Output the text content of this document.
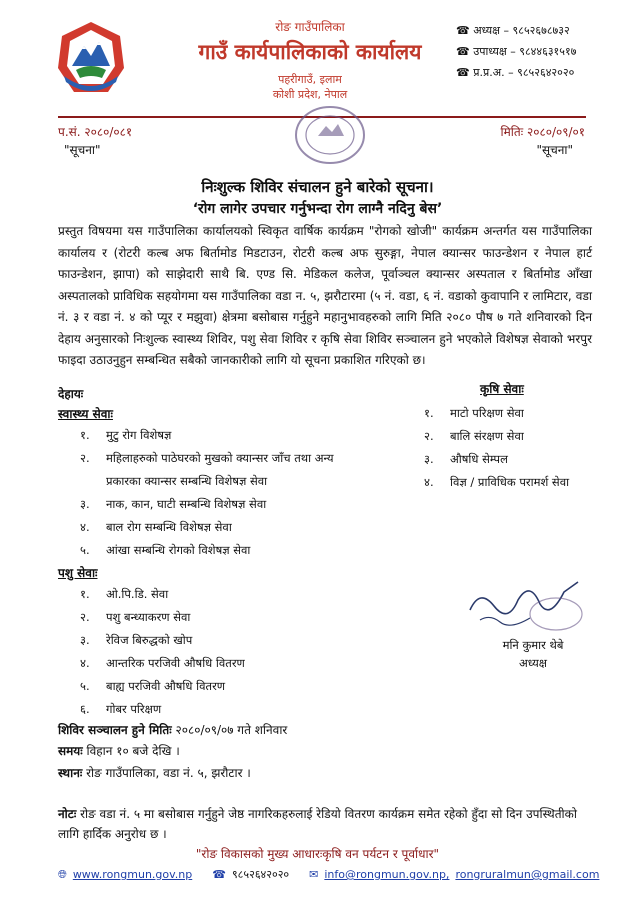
रोङ गाउँपालिका
गाउँ कार्यपालिकाको कार्यालय
पहरीगाउँ, इलाम
कोशी प्रदेश, नेपाल
☎︎ अध्यक्ष – ९८५२६७८७३२
☎︎ उपाध्यक्ष – ९८४४६३१५१७
☎︎ प्र.प्र.अ. – ९८५२६४२०२०
प.सं. २०८०/०८१	मितिः २०८०/०९/०१
"सूचना"	"सूचना"
निःशुल्क शिविर संचालन हुने बारेको सूचना।
‘रोग लागेर उपचार गर्नुभन्दा रोग लाग्नै नदिनु बेस’
प्रस्तुत विषयमा यस गाउँपालिका कार्यालयको स्विकृत वार्षिक कार्यक्रम "रोगको खोजी" कार्यक्रम अन्तर्गत यस गाउँपालिका कार्यालय र (रोटरी कल्ब अफ बिर्तामोड मिडटाउन, रोटरी कल्ब अफ सुरुङ्गा, नेपाल क्यान्सर फाउन्डेशन र नेपाल हार्ट फाउन्डेशन, झापा) को साझेदारी साथै बि. एण्ड सि. मेडिकल कलेज, पूर्वाञ्चल क्यान्सर अस्पताल र बिर्तामोड आँखा अस्पतालको प्राविधिक सहयोगमा यस गाउँपालिका वडा न. ५, झरौटारमा (५ नं. वडा, ६ नं. वडाको कुवापानि र लामिटार, वडा नं. ३ र वडा नं. ४ को प्यूर र मझुवा) क्षेत्रमा बसोबास गर्नुहुने महानुभावहरुको लागि मिति २०८० पौष ७ गते शनिवारको दिन देहाय अनुसारको निःशुल्क स्वास्थ्य शिविर, पशु सेवा शिविर र कृषि सेवा शिविर सञ्चालन हुने भएकोले विशेषज्ञ सेवाको भरपुर फाइदा उठाउनुहुन सम्बन्धित सबैको जानकारीको लागि यो सूचना प्रकाशित गरिएको छ।
देहायः
स्वास्थ्य सेवाः
१. मुटु रोग विशेषज्ञ
२. महिलाहरुको पाठेघरको मुखको क्यान्सर जाँच तथा अन्य
प्रकारका क्यान्सर सम्बन्धि विशेषज्ञ सेवा
३. नाक, कान, घाटी सम्बन्धि विशेषज्ञ सेवा
४. बाल रोग सम्बन्धि विशेषज्ञ सेवा
५. आंखा सम्बन्धि रोगको विशेषज्ञ सेवा
कृषि सेवाः
१. माटो परिक्षण सेवा
२. बालि संरक्षण सेवा
३. औषधि सेम्पल
४. विज्ञ / प्राविधिक परामर्श सेवा
पशु सेवाः
१. ओ.पि.डि. सेवा
२. पशु बन्ध्याकरण सेवा
३. रेविज बिरुद्धको खोप
४. आन्तरिक परजिवी औषधि वितरण
५. बाह्य परजिवी औषधि वितरण
६. गोबर परिक्षण
मनि कुमार थेबे
अध्यक्ष
शिविर सञ्चालन हुने मितिः २०८०/०९/०७ गते शनिवार
समयः विहान १० बजे देखि ।
स्थानः रोङ गाउँपालिका, वडा नं. ५, झरौटार ।
नोटः रोङ वडा नं. ५ मा बसोबास गर्नुहुने जेष्ठ नागरिकहरुलाई रेडियो वितरण कार्यक्रम समेत रहेको हुँदा सो दिन उपस्थितीको लागि हार्दिक अनुरोध छ ।
"रोङ विकासको मुख्य आधारःकृषि वन पर्यटन र पूर्वाधार"
🌐︎ www.rongmun.gov.np ☎︎ ९८५२६४२०२० ✉︎ info@rongmun.gov.np, rongruralmun@gmail.com
